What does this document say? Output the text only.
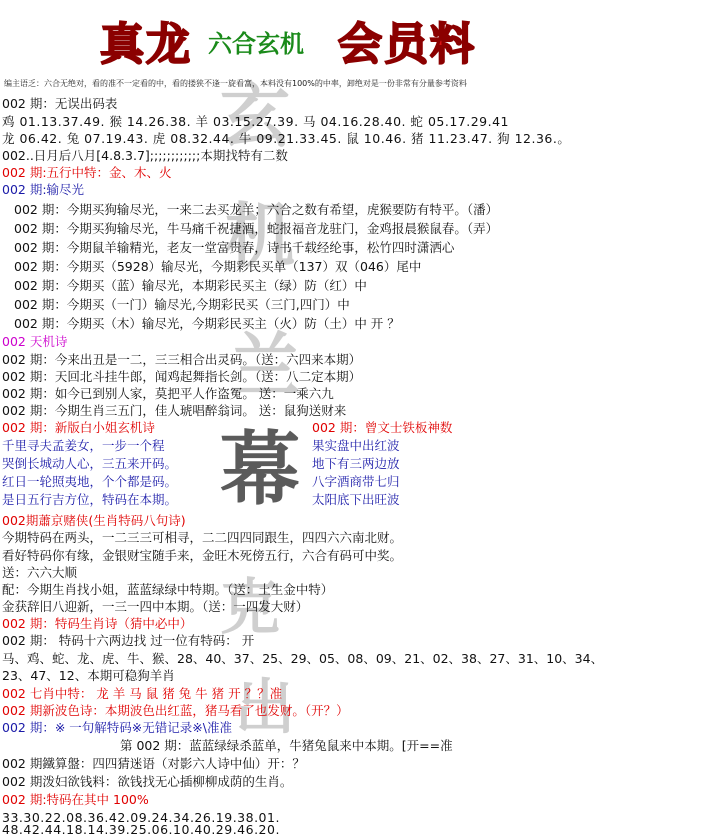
玄
机
兰
幕
克
出
真龙 六合玄机 会员料
编主语乏：六合无绝对，看的准不一定看的中，看的搂狭不逢一旋看富，本料没有100%的中率，卸绝对是一份非常有分量参考资料
002 期：无误出码表
鸡 01.13.37.49. 猴 14.26.38. 羊 03.15.27.39. 马 04.16.28.40. 蛇 05.17.29.41
龙 06.42. 兔 07.19.43. 虎 08.32.44. 牛 09.21.33.45. 鼠 10.46. 猪 11.23.47. 狗 12.36.。
002..日月后八月[4.8.3.7];;;;;;;;;;;;本期找特有二数
002 期:五行中特：金、木、火
002 期:输尽光
002 期：今期买狗输尽光，一来二去买龙羊；六合之数有希望，虎猴要防有特平。（潘）
002 期：今期买狗输尽光，牛马痛千祝捷酒，蛇报福音龙驻门，金鸡报晨猴鼠春。（弄）
002 期：今期鼠羊输精光，老友一堂富贵春，诗书千载经纶事，松竹四时潇洒心
002 期：今期买（5928）输尽光，今期彩民买单（137）双（046）尾中
002 期：今期买（蓝）输尽光，本期彩民买主（绿）防（红）中
002 期：今期买（一门）输尽光,今期彩民买（三门,四门）中
002 期：今期买（木）输尽光，今期彩民买主（火）防（土）中 开 ？
002 天机诗
002 期：今来出丑是一二，三三相合出灵码。（送：六四来本期）
002 期：天回北斗挂牛郎，闻鸡起舞指长剑。（送：八二定本期）
002 期：如今已到别人家，莫把平人作盗冤。 送：一乘六九
002 期：今期生肖三五门，佳人琥唱醉翁词。 送：鼠狗送财来
002 期：新版白小姐玄机诗	002 期：曾文士铁板神数
千里寻夫孟姜女，一步一个程	果实盘中出红波
哭倒长城动人心，三五来开码。	地下有三两边放
红日一轮照夷地，个个都是码。	八字酒商带七归
是日五行吉方位，特码在本期。	太阳底下出旺波
002期蕭京赌侠(生肖特码八句诗)
今期特码在两头，一二三三可相寻，二二四四同跟生，四四六六南北财。
看好特码你有缘，金银财宝随手来，金旺木死傍五行，六合有码可中奖。
送：六六大顺
配：今期生肖找小姐，蓝蓝绿绿中特期。（送：土生金中特）
金获辞旧八迎新，一三一四中本期。（送：一四发大财）
002 期：特码生肖诗（猜中必中）
002 期： 特码十六两边找 过一位有特码： 开
马、鸡、蛇、龙、虎、牛、猴、28、40、37、25、29、05、08、09、21、02、38、27、31、10、34、
23、47、12、本期可稳狗羊肖
002 七肖中特： 龙 羊 马 鼠 猪 兔 牛 猪 开 ？？准
002 期新波色诗：本期波色出红蓝，猪马看了也发财。（开？）
002 期：※ 一句解特码※无错记录※\准准
第 002 期：蓝蓝绿绿杀蓝单，牛猪兔鼠来中本期。[开==准
002 期鐵算盤：四四猜迷语（对影六人诗中仙）开：？
002 期泼妇欲钱料：欲钱找无心插柳柳成荫的生肖。
002 期:特码在其中 100%
33.30.22.08.36.42.09.24.34.26.19.38.01.
48.42.44.18.14.39.25.06.10.40.29.46.20.
